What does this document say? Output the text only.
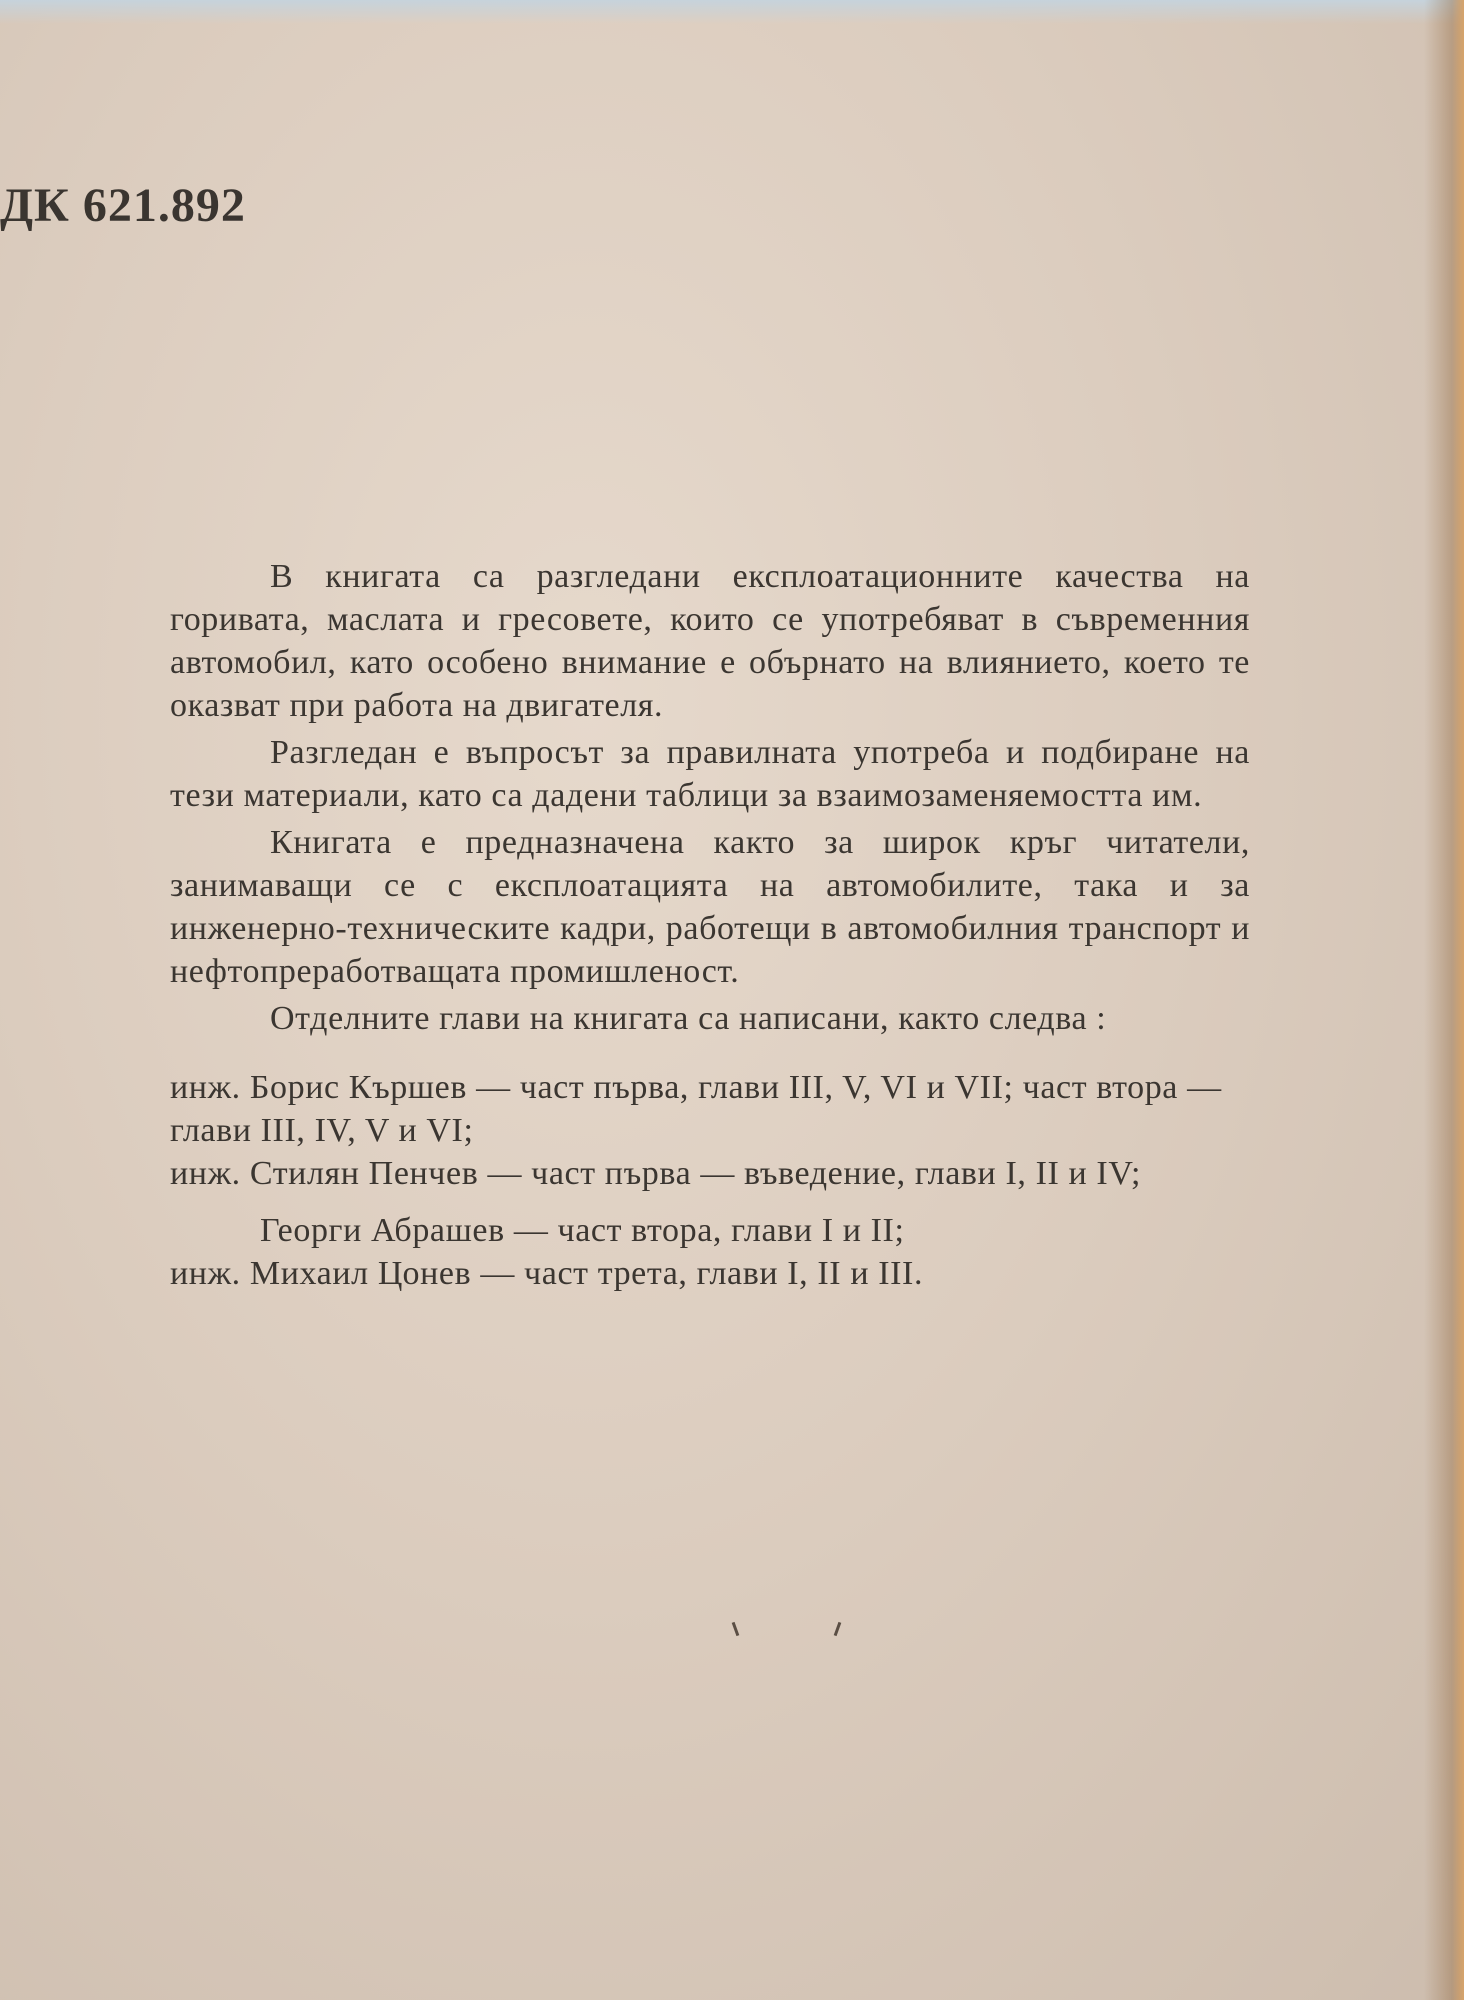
ДК 621.892

В книгата са разгледани експлоатационните качества на горивата, маслата и гресовете, които се употребяват в съвременния автомобил, като особено внимание е обърнато на влиянието, което те оказват при работа на двигателя.

Разгледан е въпросът за правилната употреба и подбиране на тези материали, като са дадени таблици за взаимозаменяемостта им.

Книгата е предназначена както за широк кръг читатели, занимаващи се с експлоатацията на автомобилите, така и за инженерно-техническите кадри, работещи в автомобилния транспорт и нефтопреработващата промишленост.

Отделните глави на книгата са написани, както следва :

инж. Борис Кършев — част първа, глави III, V, VI и VII; част втора — глави III, IV, V и VI;

инж. Стилян Пенчев — част първа — въведение, глави I, II и IV;

Георги Абрашев — част втора, глави I и II;

инж. Михаил Цонев — част трета, глави I, II и III.
